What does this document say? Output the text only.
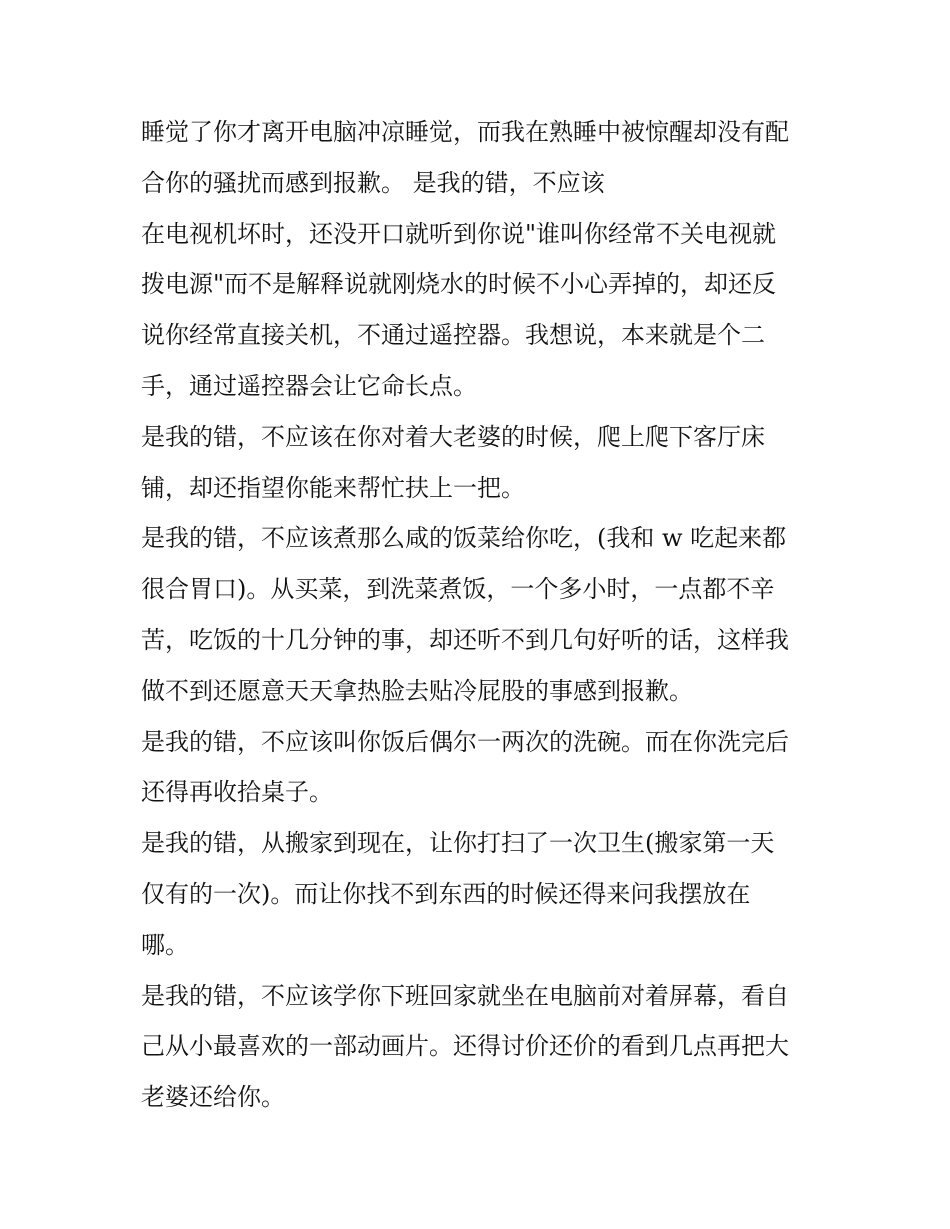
睡觉了你才离开电脑冲凉睡觉，而我在熟睡中被惊醒却没有配
合你的骚扰而感到报歉。 是我的错，不应该
在电视机坏时，还没开口就听到你说"谁叫你经常不关电视就
拨电源"而不是解释说就刚烧水的时候不小心弄掉的，却还反
说你经常直接关机，不通过遥控器。我想说，本来就是个二
手，通过遥控器会让它命长点。
是我的错，不应该在你对着大老婆的时候，爬上爬下客厅床
铺，却还指望你能来帮忙扶上一把。
是我的错，不应该煮那么咸的饭菜给你吃，(我和 w 吃起来都
很合胃口)。从买菜，到洗菜煮饭，一个多小时，一点都不辛
苦，吃饭的十几分钟的事，却还听不到几句好听的话，这样我
做不到还愿意天天拿热脸去贴冷屁股的事感到报歉。
是我的错，不应该叫你饭后偶尔一两次的洗碗。而在你洗完后
还得再收拾桌子。
是我的错，从搬家到现在，让你打扫了一次卫生(搬家第一天
仅有的一次)。而让你找不到东西的时候还得来问我摆放在
哪。
是我的错，不应该学你下班回家就坐在电脑前对着屏幕，看自
己从小最喜欢的一部动画片。还得讨价还价的看到几点再把大
老婆还给你。
